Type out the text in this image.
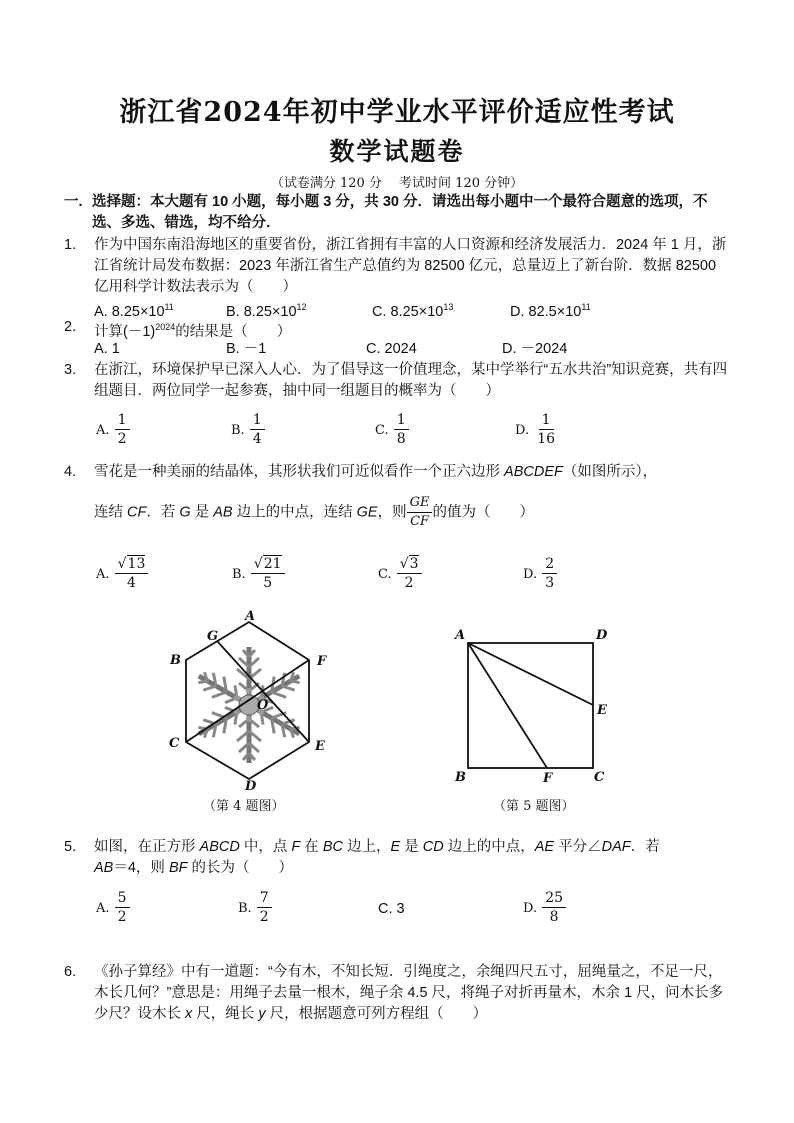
浙江省2024年初中学业水平评价适应性考试
数学试题卷
（试卷满分 120 分　 考试时间 120 分钟）
一. 选择题：本大题有 10 小题，每小题 3 分，共 30 分．请选出每小题中一个最符合题意的选项，不选、多选、错选，均不给分．
1. 作为中国东南沿海地区的重要省份，浙江省拥有丰富的人口资源和经济发展活力．2024 年 1 月，浙江省统计局发布数据：2023 年浙江省生产总值约为 82500 亿元，总量迈上了新台阶．数据 82500 亿用科学计数法表示为（　　）
A. $8.25\times 10^{11}$	B. $8.25\times 10^{12}$	C. $8.25\times 10^{13}$	D. $82.5\times 10^{11}$
2. 计算$(-1)^{2024}$的结果是（　　）
A. 1	B. －1	C. 2024	D. －2024
3. 在浙江，环境保护早已深入人心．为了倡导这一价值理念，某中学举行“五水共治”知识竞赛，共有四组题目．两位同学一起参赛，抽中同一组题目的概率为（　　）
A. $\frac{1}{2}$	B. $\frac{1}{4}$	C. $\frac{1}{8}$	D. $\frac{1}{16}$
4. 雪花是一种美丽的结晶体，其形状我们可近似看作一个正六边形 ABCDEF（如图所示），
连结 CF．若 G 是 AB 边上的中点，连结 GE，则 $\frac{GE}{CF}$ 的值为（　　）
A. $\frac{√13}{4}$	B. $\frac{√21}{5}$	C. $\frac{√3}{2}$	D. $\frac{2}{3}$
A
G
B	F
O
C	E
D
（第 4 题图）
A	D
E
B	F	C
（第 5 题图）
5. 如图，在正方形 ABCD 中，点 F 在 BC 边上，E 是 CD 边上的中点，AE 平分∠DAF．若
AB＝4，则 BF 的长为（　　）
A. $\frac{5}{2}$	B. $\frac{7}{2}$	C. 3	D. $\frac{25}{8}$
6. 《孙子算经》中有一道题：“今有木，不知长短．引绳度之，余绳四尺五寸，屈绳量之，不足一尺，木长几何？”意思是：用绳子去量一根木，绳子余 4.5 尺，将绳子对折再量木，木余 1 尺，问木长多少尺？设木长 x 尺，绳长 y 尺，根据题意可列方程组（　　）
